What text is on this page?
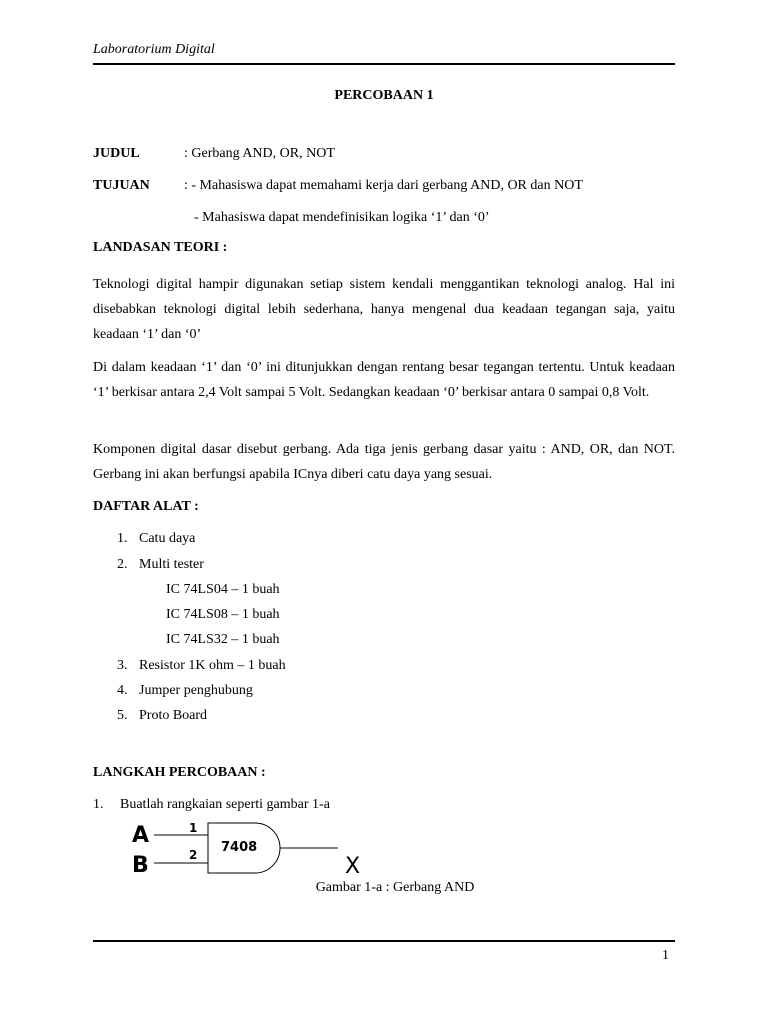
Laboratorium Digital
PERCOBAAN 1
JUDUL	: Gerbang AND, OR, NOT
TUJUAN : - Mahasiswa dapat memahami kerja dari gerbang AND, OR dan NOT
- Mahasiswa dapat mendefinisikan logika ‘1’ dan ‘0’
LANDASAN TEORI :

Teknologi digital hampir digunakan setiap sistem kendali menggantikan teknologi analog. Hal ini disebabkan teknologi digital lebih sederhana, hanya mengenal dua keadaan tegangan saja, yaitu keadaan ‘1’ dan ‘0’

Di dalam keadaan ‘1’ dan ‘0’ ini ditunjukkan dengan rentang besar tegangan tertentu. Untuk keadaan ‘1’ berkisar antara 2,4 Volt sampai 5 Volt. Sedangkan keadaan ‘0’ berkisar antara 0 sampai 0,8 Volt.

Komponen digital dasar disebut gerbang. Ada tiga jenis gerbang dasar yaitu : AND, OR, dan NOT. Gerbang ini akan berfungsi apabila ICnya diberi catu daya yang sesuai.

DAFTAR ALAT :
1. Catu daya
2. Multi tester
IC 74LS04 – 1 buah
IC 74LS08 – 1 buah
IC 74LS32 – 1 buah
3. Resistor 1K ohm – 1 buah
4. Jumper penghubung
5. Proto Board
LANGKAH PERCOBAAN :
1. Buatlah rangkaian seperti gambar 1-a
A
B
1
2 7408
X
Gambar 1-a : Gerbang AND
1
